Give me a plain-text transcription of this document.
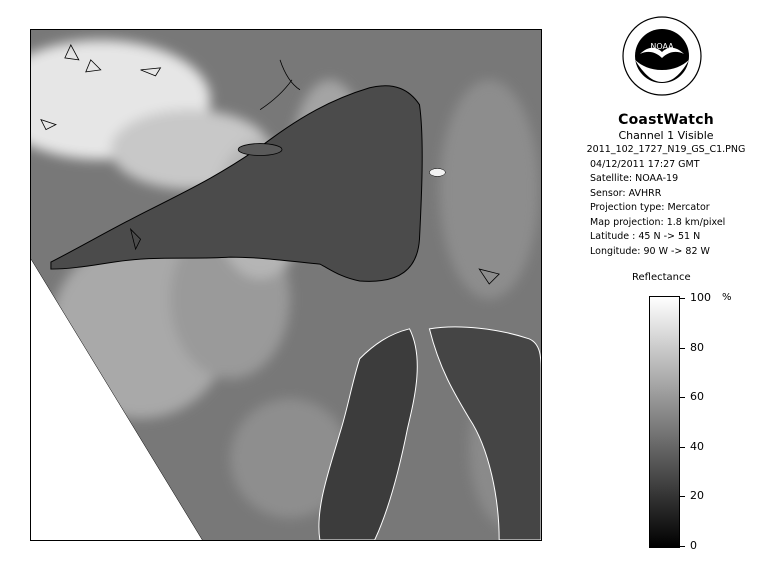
NOAA
CoastWatch
Channel 1 Visible
2011_102_1727_N19_GS_C1.PNG
04/12/2011 17:27 GMT
Satellite: NOAA-19
Sensor: AVHRR
Projection type: Mercator
Map projection: 1.8 km/pixel
Latitude : 45 N -> 51 N
Longitude: 90 W -> 82 W
Reflectance
%
100
80
60
40
20
0
